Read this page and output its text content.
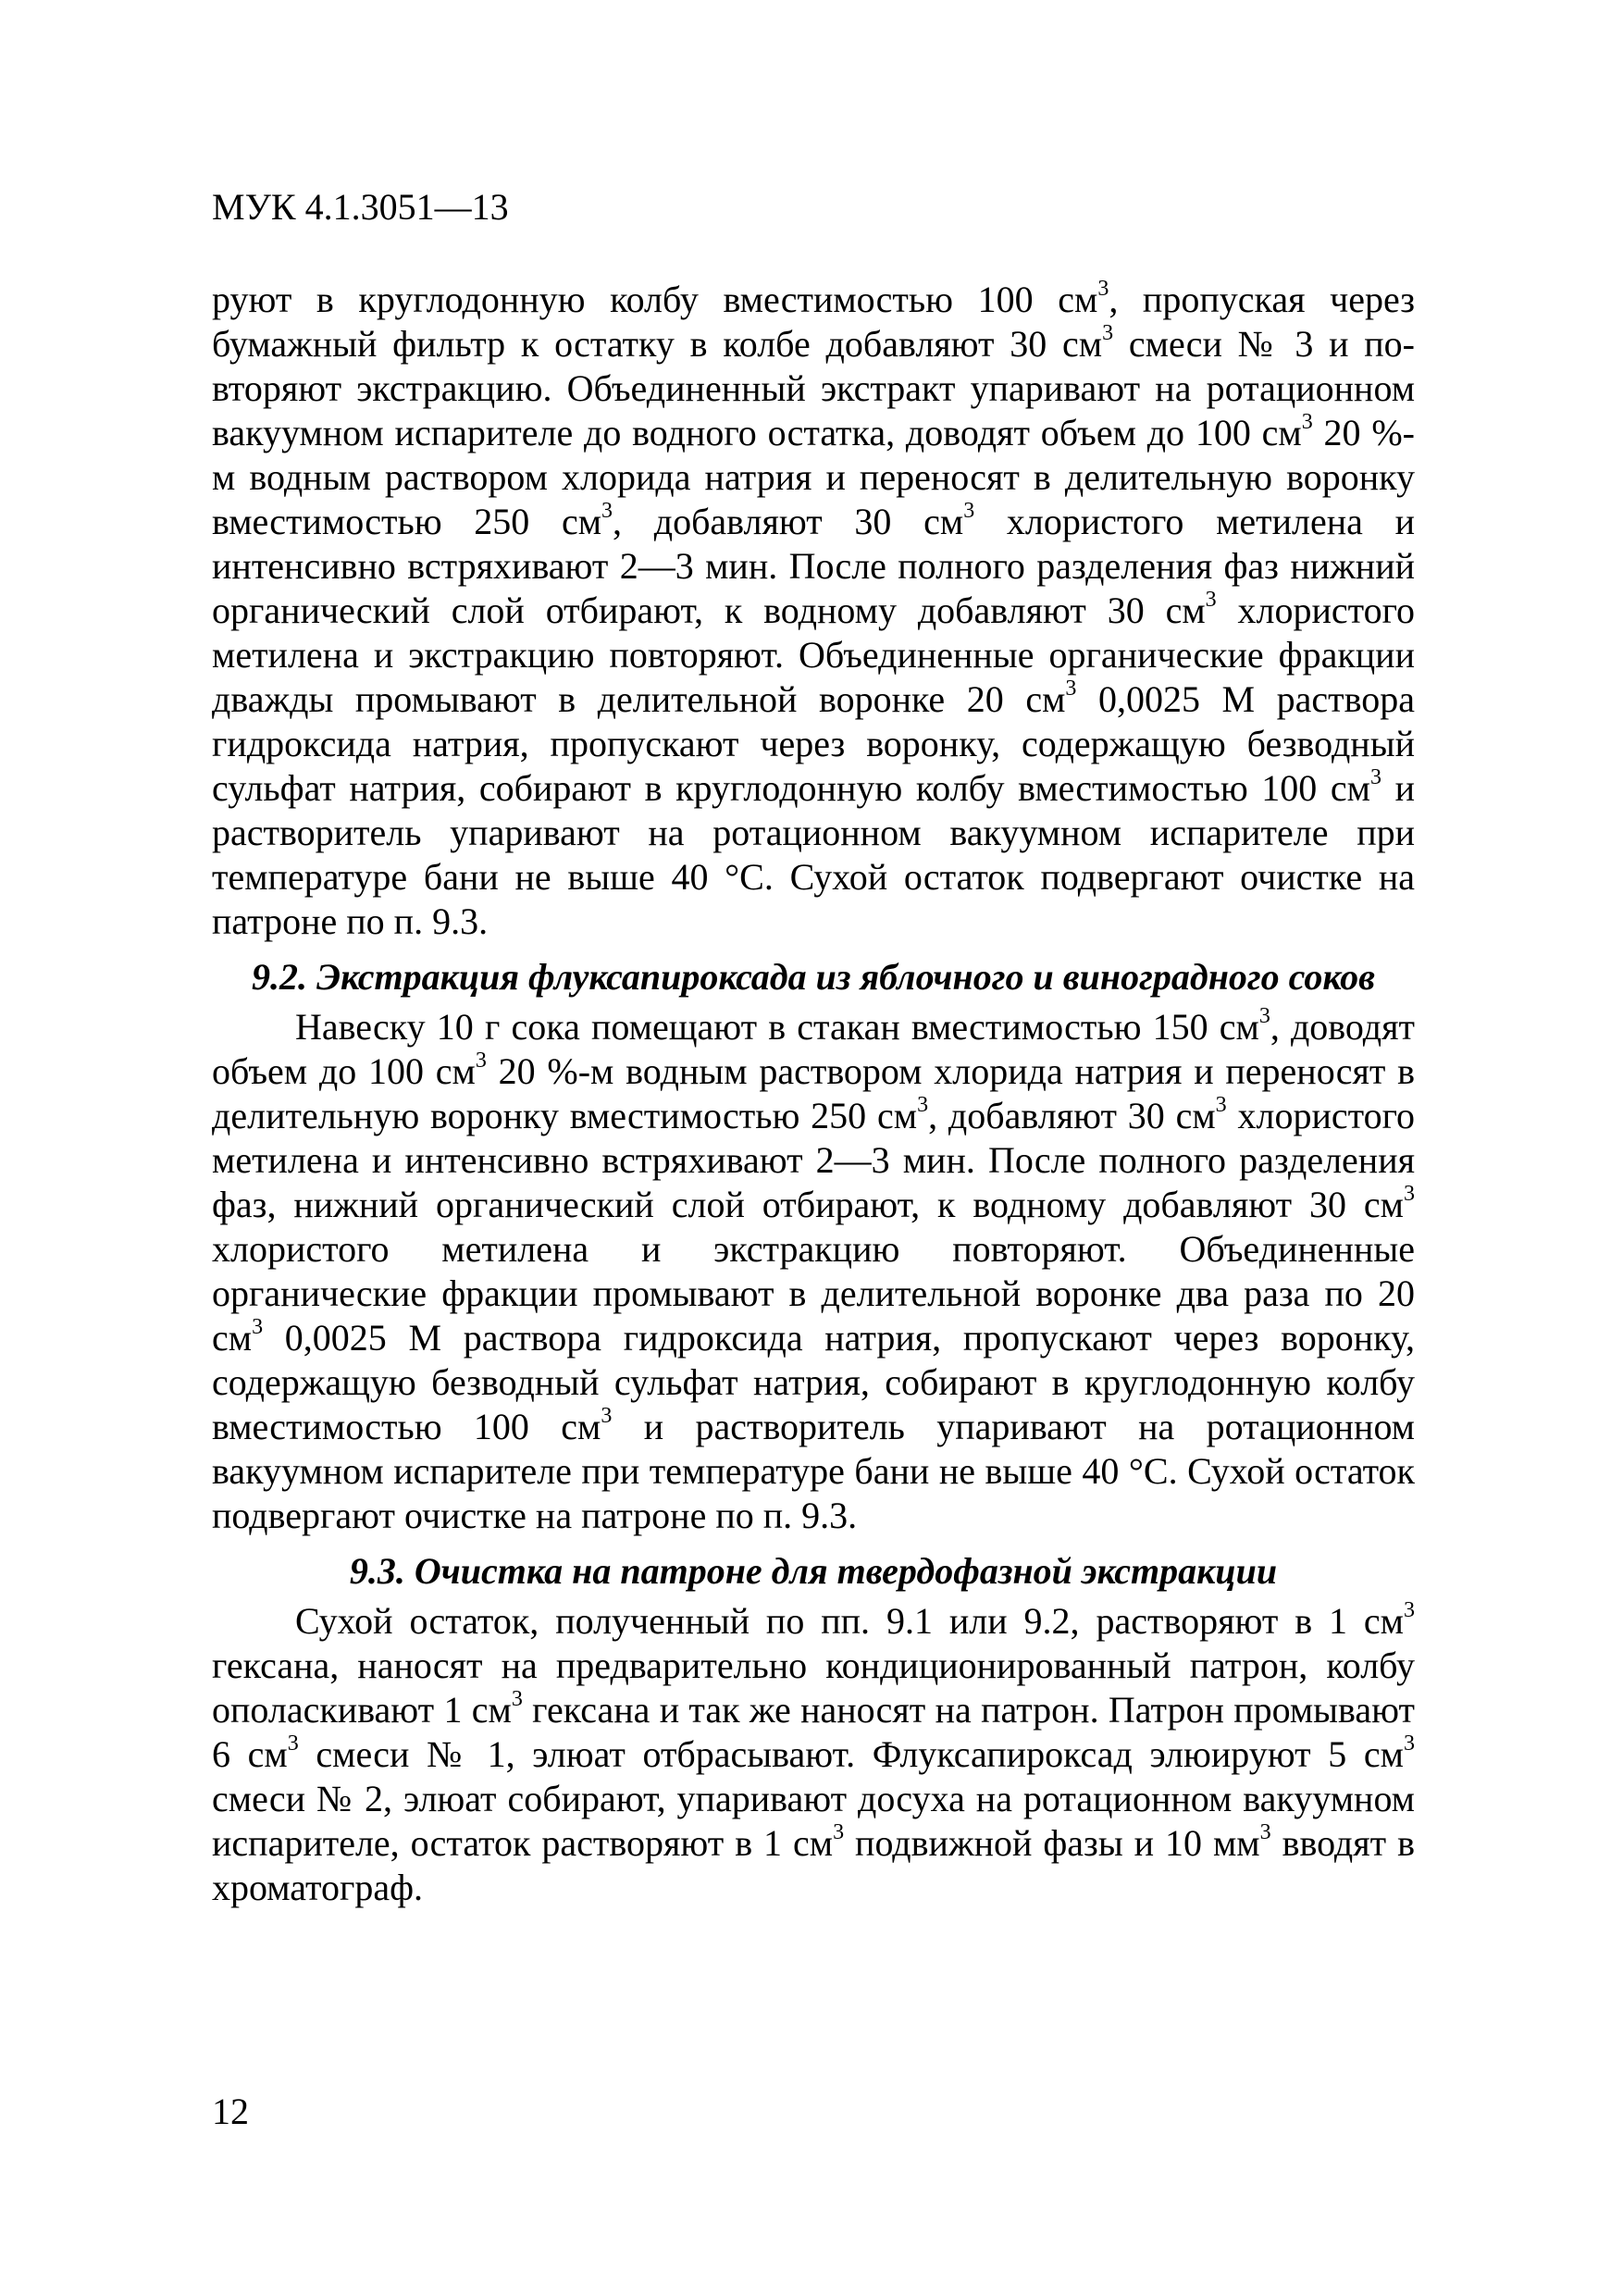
МУК 4.1.3051—13

руют в круглодонную колбу вместимостью 100 $см^3$, пропуская через бумажный фильтр к остатку в колбе добавляют 30 $см^3$ смеси № 3 и повторяют экстракцию. Объединенный экстракт упаривают на ротационном вакуумном испарителе до водного остатка, доводят объем до 100 $см^3$ 20 %-м водным раствором хлорида натрия и переносят в делительную воронку вместимостью 250 $см^3$, добавляют 30 $см^3$ хлористого метилена и интенсивно встряхивают 2—3 мин. После полного разделения фаз нижний органический слой отбирают, к водному добавляют 30 $см^3$ хлористого метилена и экстракцию повторяют. Объединенные органические фракции дважды промывают в делительной воронке 20 $см^3$ 0,0025 М раствора гидроксида натрия, пропускают через воронку, содержащую безводный сульфат натрия, собирают в круглодонную колбу вместимостью 100 $см^3$ и растворитель упаривают на ротационном вакуумном испарителе при температуре бани не выше 40 °С. Сухой остаток подвергают очистке на патроне по п. 9.3.

9.2. Экстракция флуксапироксада из яблочного и виноградного соков

Навеску 10 г сока помещают в стакан вместимостью 150 $см^3$, доводят объем до 100 $см^3$ 20 %-м водным раствором хлорида натрия и переносят в делительную воронку вместимостью 250 $см^3$, добавляют 30 $см^3$ хлористого метилена и интенсивно встряхивают 2—3 мин. После полного разделения фаз, нижний органический слой отбирают, к водному добавляют 30 $см^3$ хлористого метилена и экстракцию повторяют. Объединенные органические фракции промывают в делительной воронке два раза по 20 $см^3$ 0,0025 М раствора гидроксида натрия, пропускают через воронку, содержащую безводный сульфат натрия, собирают в круглодонную колбу вместимостью 100 $см^3$ и растворитель упаривают на ротационном вакуумном испарителе при температуре бани не выше 40 °С. Сухой остаток подвергают очистке на патроне по п. 9.3.

9.3. Очистка на патроне для твердофазной экстракции

Сухой остаток, полученный по пп. 9.1 или 9.2, растворяют в 1 $см^3$ гексана, наносят на предварительно кондиционированный патрон, колбу ополаскивают 1 $см^3$ гексана и так же наносят на патрон. Патрон промывают 6 $см^3$ смеси № 1, элюат отбрасывают. Флуксапироксад элюируют 5 $см^3$ смеси № 2, элюат собирают, упаривают досуха на ротационном вакуумном испарителе, остаток растворяют в 1 $см^3$ подвижной фазы и 10 $мм^3$ вводят в хроматограф.

12
